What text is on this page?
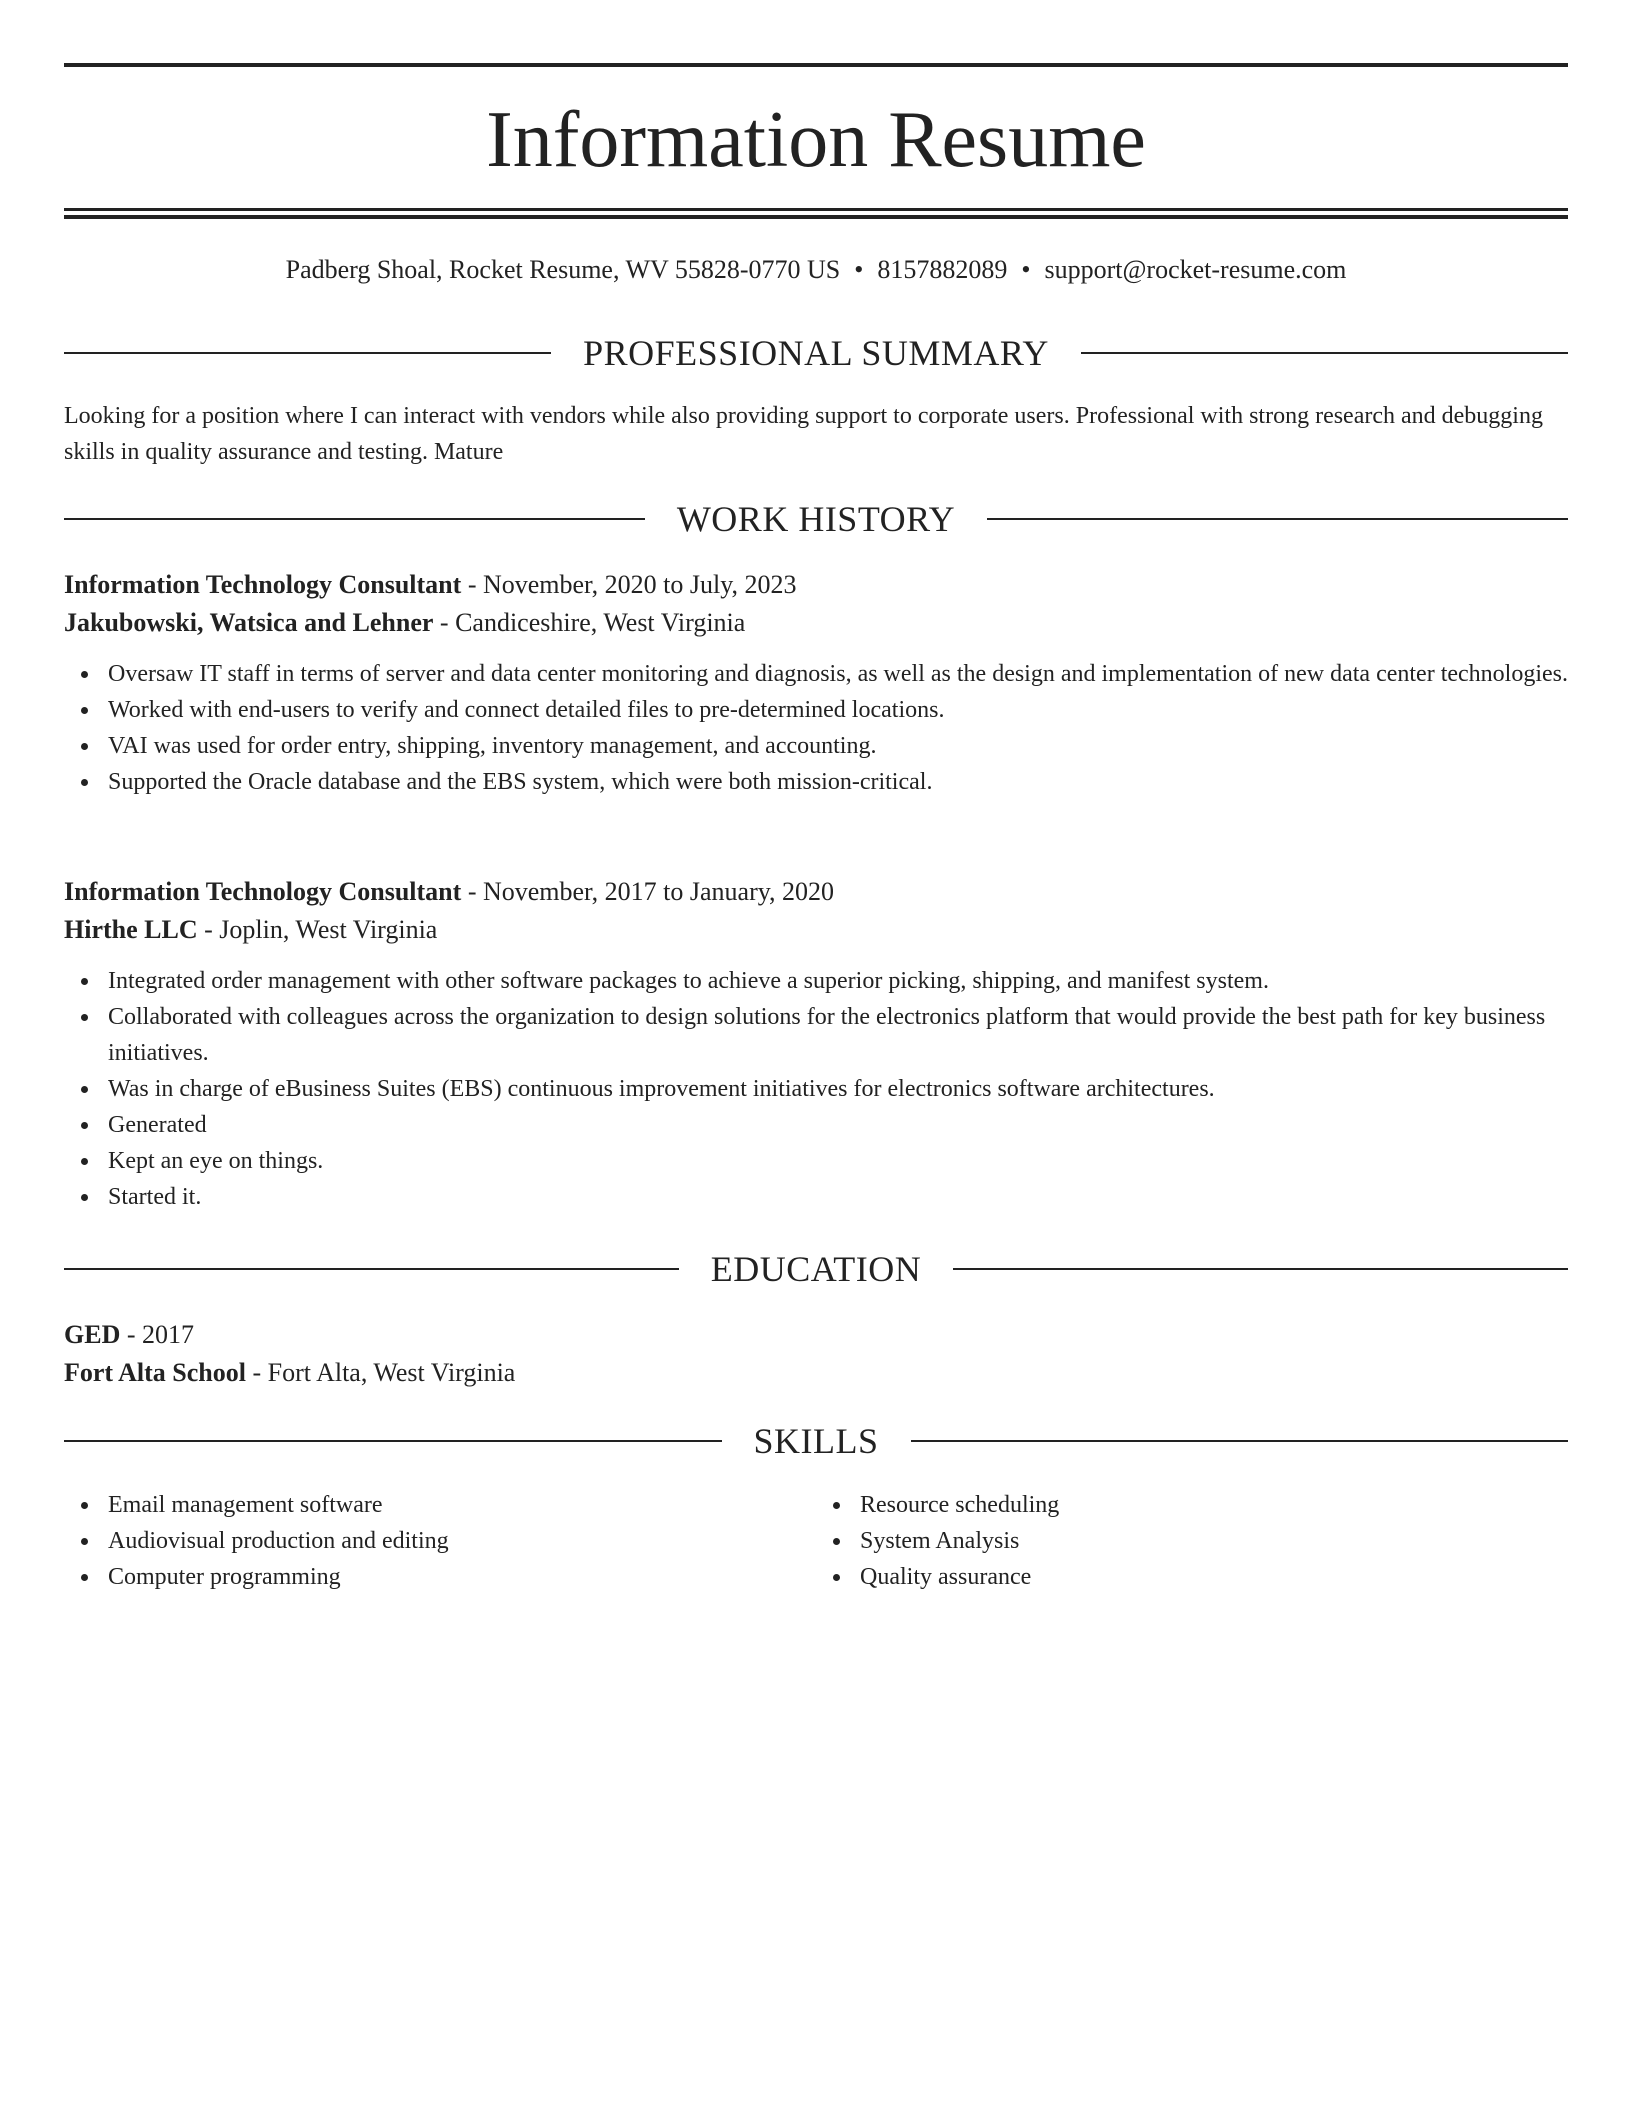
Information Resume
Padberg Shoal, Rocket Resume, WV 55828-0770 US • 8157882089 • support@rocket-resume.com
PROFESSIONAL SUMMARY
Looking for a position where I can interact with vendors while also providing support to corporate users. Professional with strong research and debugging skills in quality assurance and testing. Mature
WORK HISTORY
Information Technology Consultant - November, 2020 to July, 2023
Jakubowski, Watsica and Lehner - Candiceshire, West Virginia
Oversaw IT staff in terms of server and data center monitoring and diagnosis, as well as the design and implementation of new data center technologies.
Worked with end-users to verify and connect detailed files to pre-determined locations.
VAI was used for order entry, shipping, inventory management, and accounting.
Supported the Oracle database and the EBS system, which were both mission-critical.
Information Technology Consultant - November, 2017 to January, 2020
Hirthe LLC - Joplin, West Virginia
Integrated order management with other software packages to achieve a superior picking, shipping, and manifest system.
Collaborated with colleagues across the organization to design solutions for the electronics platform that would provide the best path for key business initiatives.
Was in charge of eBusiness Suites (EBS) continuous improvement initiatives for electronics software architectures.
Generated
Kept an eye on things.
Started it.
EDUCATION
GED - 2017
Fort Alta School - Fort Alta, West Virginia
SKILLS
Email management software
Audiovisual production and editing
Computer programming
Resource scheduling
System Analysis
Quality assurance
